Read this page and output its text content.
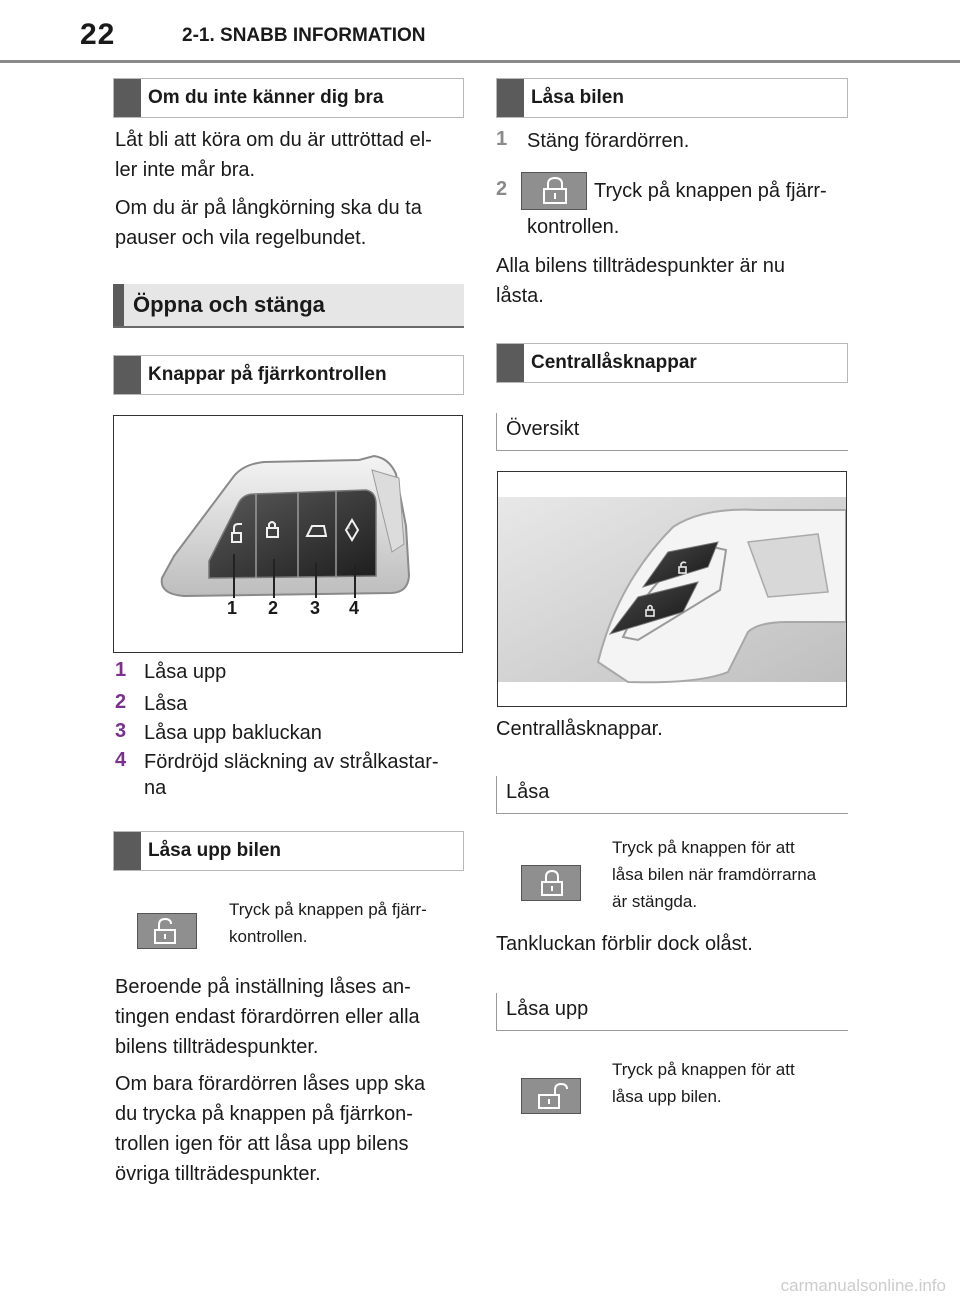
22	2-1. SNABB INFORMATION
Om du inte känner dig bra
Låt bli att köra om du är uttröttad el-
ler inte mår bra.
Om du är på långkörning ska du ta
pauser och vila regelbundet.
Öppna och stänga
Knappar på fjärrkontrollen
1 2 3 4
1 Låsa upp
2 Låsa
3 Låsa upp bakluckan
4 Fördröjd släckning av strålkastar-
na
Låsa upp bilen
Tryck på knappen på fjärr-
kontrollen.
Beroende på inställning låses an-
tingen endast förardörren eller alla
bilens tillträdespunkter.
Om bara förardörren låses upp ska
du trycka på knappen på fjärrkon-
trollen igen för att låsa upp bilens
övriga tillträdespunkter.
Låsa bilen
1 Stäng förardörren.
2	Tryck på knappen på fjärr-
kontrollen.
Alla bilens tillträdespunkter är nu
låsta.
Centrallåsknappar
Översikt
Centrallåsknappar.
Låsa
Tryck på knappen för att
låsa bilen när framdörrarna
är stängda.
Tankluckan förblir dock olåst.
Låsa upp
Tryck på knappen för att
låsa upp bilen.
carmanualsonline.info
